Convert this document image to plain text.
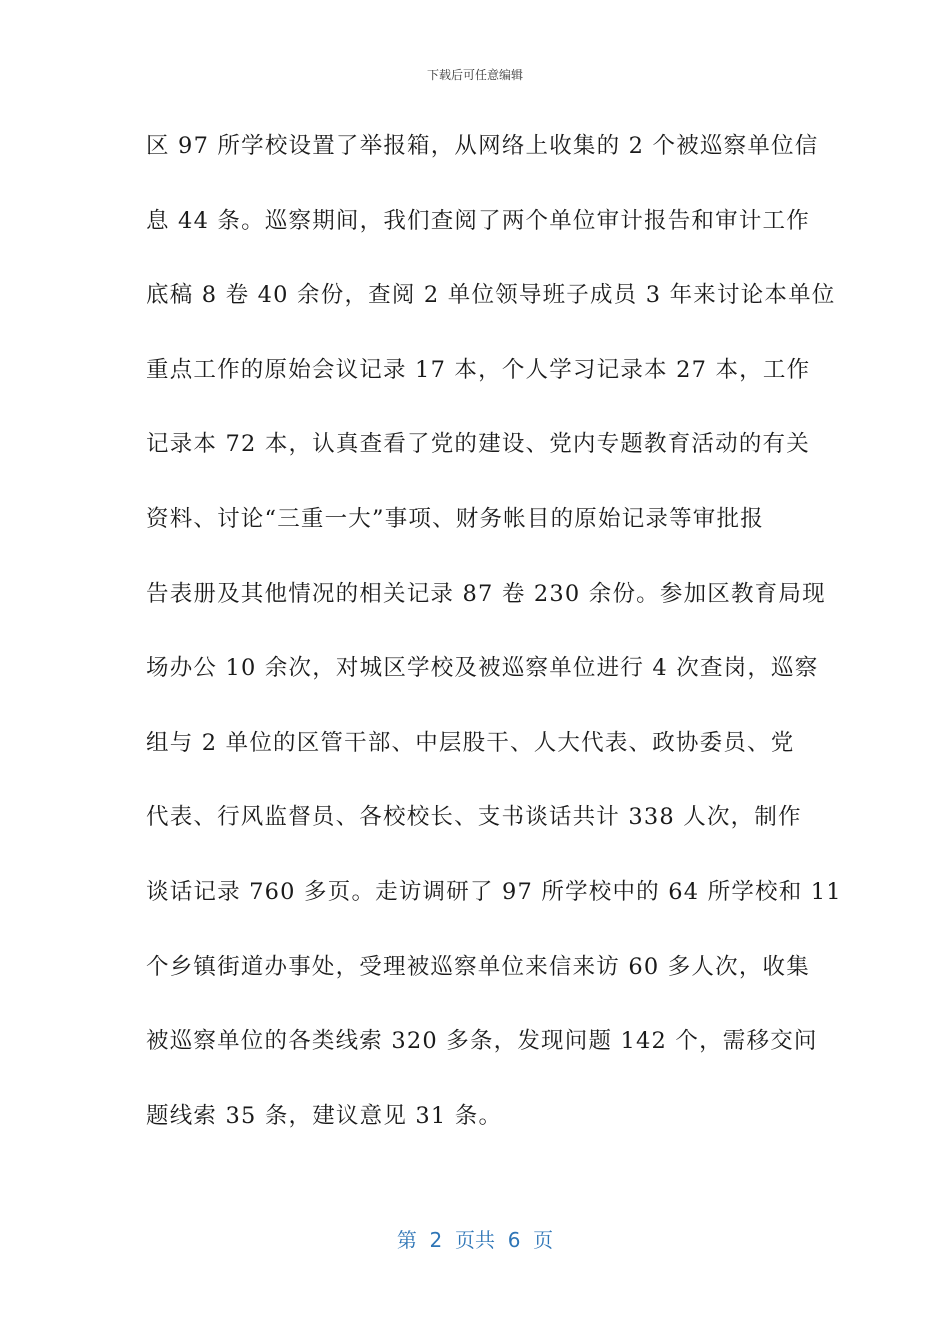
下载后可任意编辑
区 97 所学校设置了举报箱，从网络上收集的 2 个被巡察单位信
息 44 条。巡察期间，我们查阅了两个单位审计报告和审计工作
底稿 8 卷 40 余份，查阅 2 单位领导班子成员 3 年来讨论本单位
重点工作的原始会议记录 17 本，个人学习记录本 27 本，工作
记录本 72 本，认真查看了党的建设、党内专题教育活动的有关
资料、讨论“三重一大”事项、财务帐目的原始记录等审批报
告表册及其他情况的相关记录 87 卷 230 余份。参加区教育局现
场办公 10 余次，对城区学校及被巡察单位进行 4 次查岗，巡察
组与 2 单位的区管干部、中层股干、人大代表、政协委员、党
代表、行风监督员、各校校长、支书谈话共计 338 人次，制作
谈话记录 760 多页。走访调研了 97 所学校中的 64 所学校和 11
个乡镇街道办事处，受理被巡察单位来信来访 60 多人次，收集
被巡察单位的各类线索 320 多条，发现问题 142 个，需移交问
题线索 35 条，建议意见 31 条。
第  2  页共  6  页
